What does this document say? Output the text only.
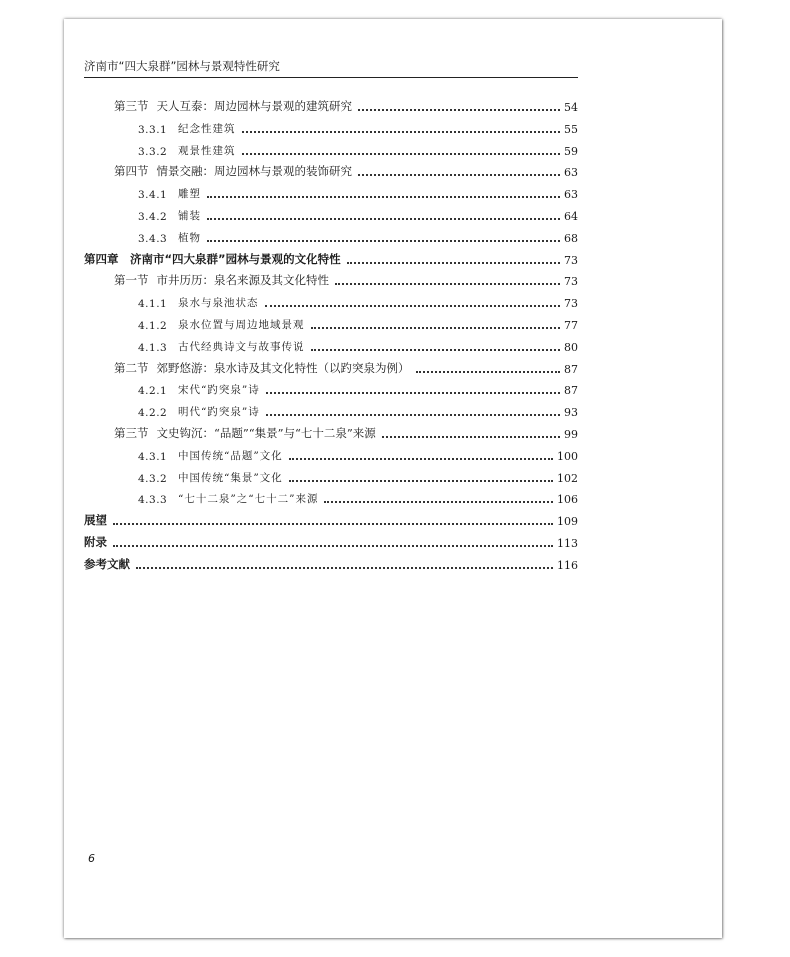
济南市“四大泉群”园林与景观特性研究
第三节 天人互泰：周边园林与景观的建筑研究	54
3.3.1	纪念性建筑	55
3.3.2	观景性建筑	59
第四节 情景交融：周边园林与景观的装饰研究	63
3.4.1	雕塑	63
3.4.2	铺装	64
3.4.3	植物	68
第四章　济南市“四大泉群”园林与景观的文化特性	73
第一节 市井历历：泉名来源及其文化特性	73
4.1.1	泉水与泉池状态	73
4.1.2	泉水位置与周边地域景观	77
4.1.3	古代经典诗文与故事传说	80
第二节 郊野悠游：泉水诗及其文化特性（以趵突泉为例）	87
4.2.1	宋代“趵突泉”诗	87
4.2.2	明代“趵突泉”诗	93
第三节 文史钩沉：“品题”“集景”与“七十二泉”来源	99
4.3.1	中国传统“品题”文化	100
4.3.2	中国传统“集景”文化	102
4.3.3	“七十二泉”之“七十二”来源	106
展望	109
附录	113
参考文献	116
6
